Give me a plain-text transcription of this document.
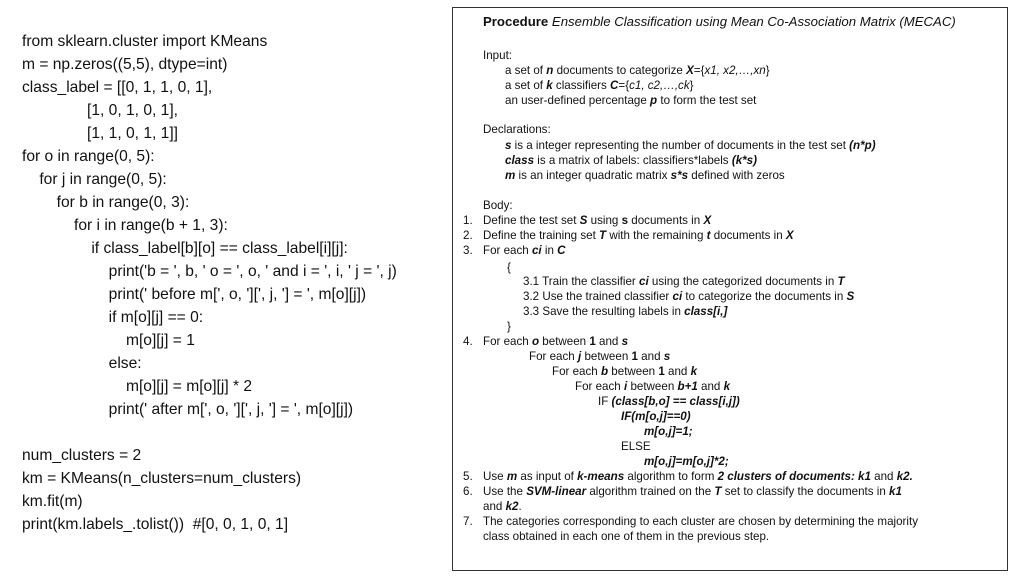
from sklearn.cluster import KMeans
m = np.zeros((5,5), dtype=int)
class_label = [[0, 1, 1, 0, 1],
[1, 0, 1, 0, 1],
[1, 1, 0, 1, 1]]
for o in range(0, 5):
for j in range(0, 5):
for b in range(0, 3):
for i in range(b + 1, 3):
if class_label[b][o] == class_label[i][j]:
print('b = ', b, ' o = ', o, ' and i = ', i, ' j = ', j)
print(' before m[', o, '][', j, '] = ', m[o][j])
if m[o][j] == 0:
m[o][j] = 1
else:
m[o][j] = m[o][j] * 2
print(' after m[', o, '][', j, '] = ', m[o][j])
num_clusters = 2
km = KMeans(n_clusters=num_clusters)
km.fit(m)
print(km.labels_.tolist())  #[0, 0, 1, 0, 1]
Procedure Ensemble Classification using Mean Co-Association Matrix (MECAC)
Input:
a set of n documents to categorize X={x1, x2,…,xn}
a set of k classifiers C={c1, c2,…,ck}
an user-defined percentage p to form the test set
Declarations:
s is a integer representing the number of documents in the test set (n*p)
class is a matrix of labels: classifiers*labels (k*s)
m is an integer quadratic matrix s*s defined with zeros
Body:
1. Define the test set S using s documents in X
2. Define the training set T with the remaining t documents in X
3. For each ci in C
{
3.1 Train the classifier ci using the categorized documents in T
3.2 Use the trained classifier ci to categorize the documents in S
3.3 Save the resulting labels in class[i,]
}
4. For each o between 1 and s
For each j between 1 and s
For each b between 1 and k
For each i between b+1 and k
IF (class[b,o] == class[i,j])
IF(m[o,j]==0)
m[o,j]=1;
ELSE
m[o,j]=m[o,j]*2;
5. Use m as input of k-means algorithm to form 2 clusters of documents: k1 and k2.
6. Use the SVM-linear algorithm trained on the T set to classify the documents in k1
and k2.
7. The categories corresponding to each cluster are chosen by determining the majority
class obtained in each one of them in the previous step.
